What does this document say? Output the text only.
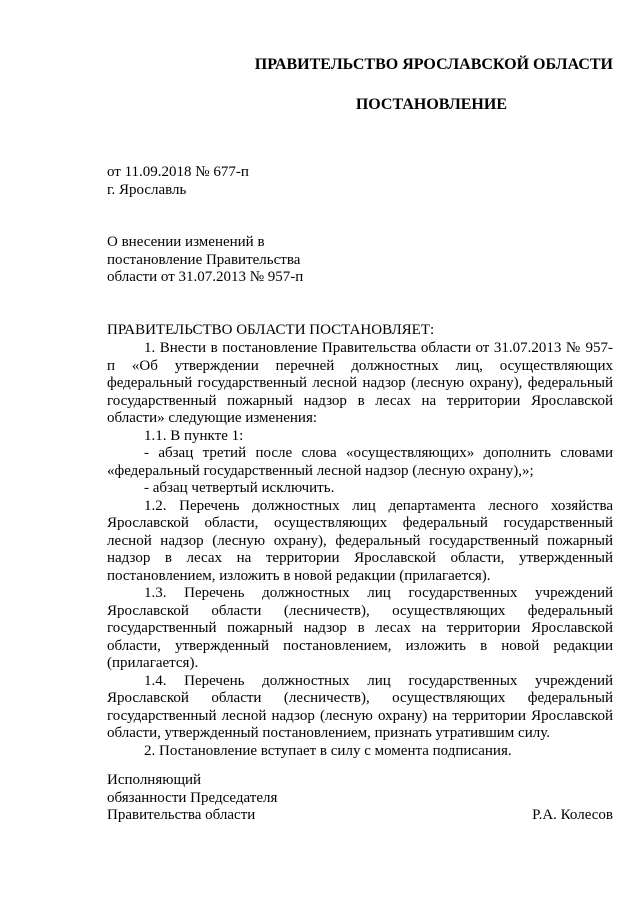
ПРАВИТЕЛЬСТВО ЯРОСЛАВСКОЙ ОБЛАСТИ
ПОСТАНОВЛЕНИЕ
от 11.09.2018 № 677-п
г. Ярославль
О внесении изменений в
постановление Правительства
области от 31.07.2013 № 957-п
ПРАВИТЕЛЬСТВО ОБЛАСТИ ПОСТАНОВЛЯЕТ:

1. Внести в постановление Правительства области от 31.07.2013 № 957-п «Об утверждении перечней должностных лиц, осуществляющих федеральный государственный лесной надзор (лесную охрану), федеральный государственный пожарный надзор в лесах на территории Ярославской области» следующие изменения:

1.1. В пункте 1:

- абзац третий после слова «осуществляющих» дополнить словами «федеральный государственный лесной надзор (лесную охрану),»;

- абзац четвертый исключить.

1.2. Перечень должностных лиц департамента лесного хозяйства Ярославской области, осуществляющих федеральный государственный лесной надзор (лесную охрану), федеральный государственный пожарный надзор в лесах на территории Ярославской области, утвержденный постановлением, изложить в новой редакции (прилагается).

1.3. Перечень должностных лиц государственных учреждений Ярославской области (лесничеств), осуществляющих федеральный государственный пожарный надзор в лесах на территории Ярославской области, утвержденный постановлением, изложить в новой редакции (прилагается).

1.4. Перечень должностных лиц государственных учреждений Ярославской области (лесничеств), осуществляющих федеральный государственный лесной надзор (лесную охрану) на территории Ярославской области, утвержденный постановлением, признать утратившим силу.

2. Постановление вступает в силу с момента подписания.

Исполняющий
обязанности Председателя
Правительства области	Р.А. Колесов
